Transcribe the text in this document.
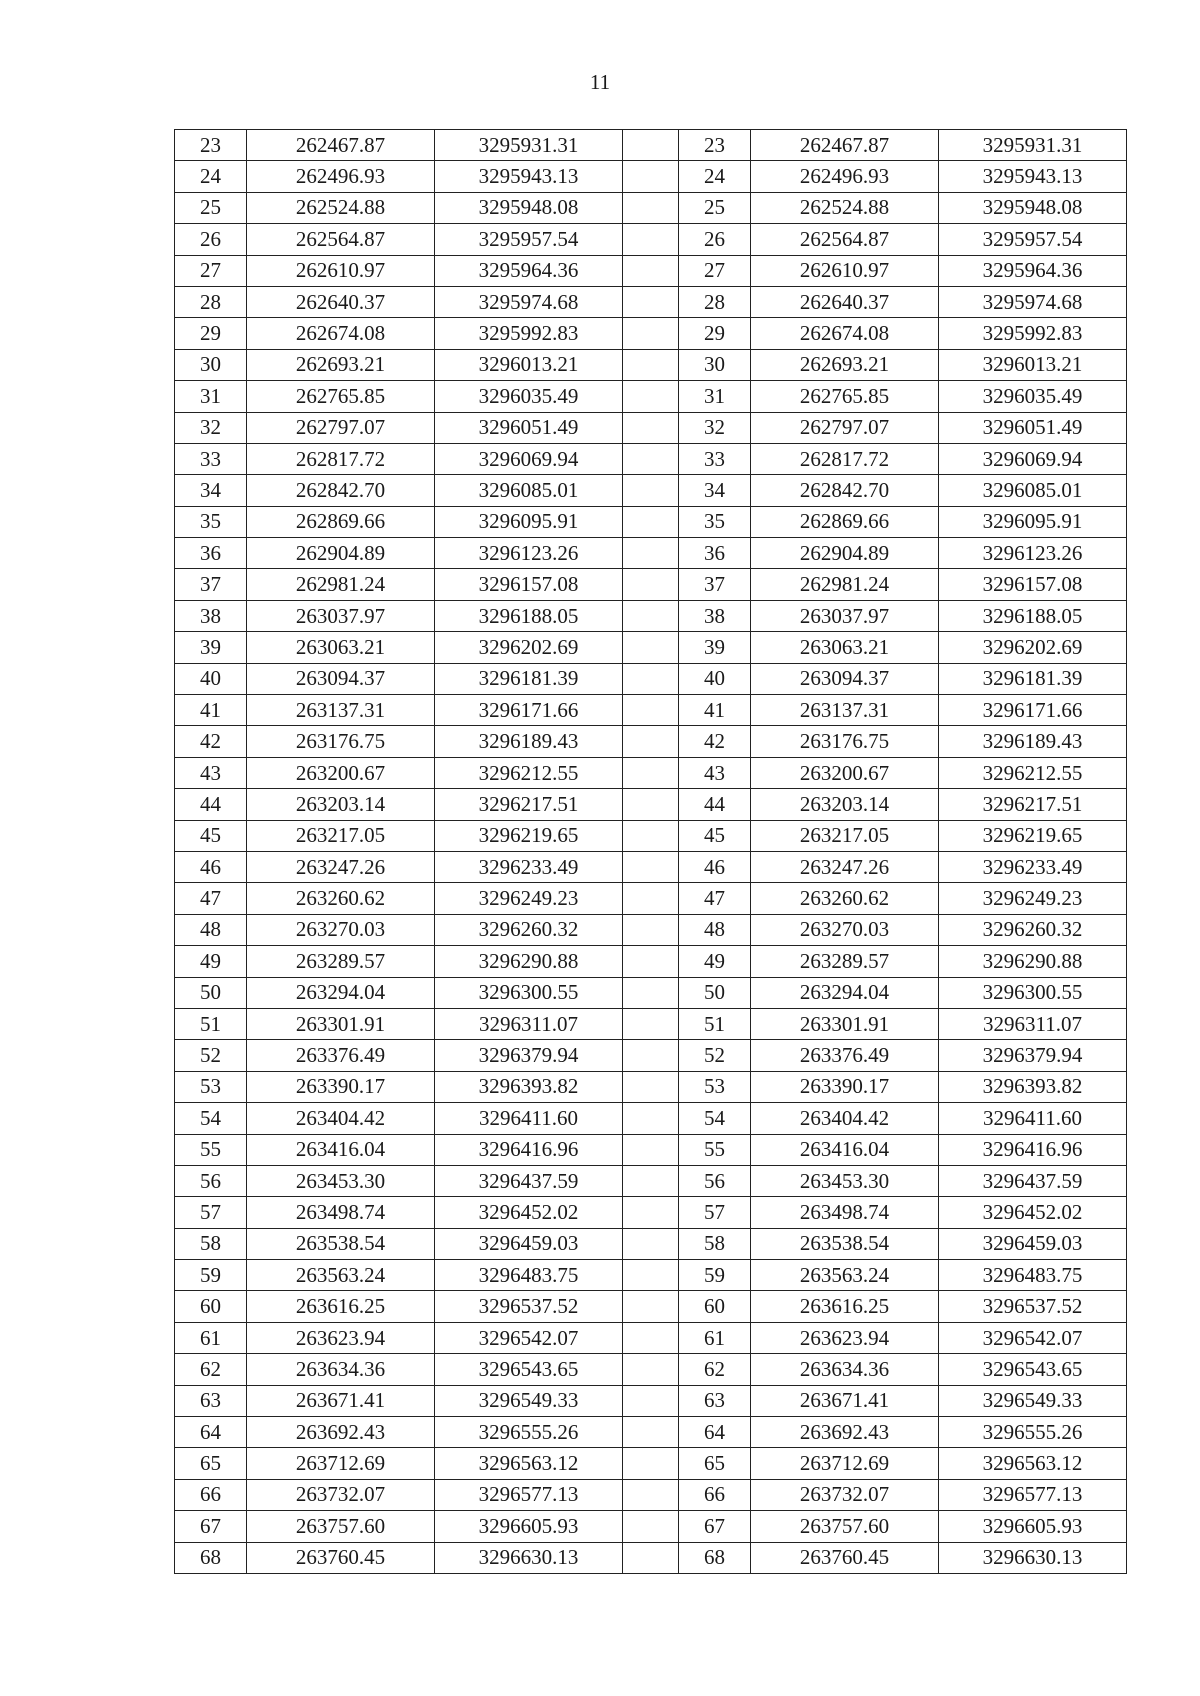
11
23	262467.87	3295931.31		23	262467.87	3295931.31
24	262496.93	3295943.13		24	262496.93	3295943.13
25	262524.88	3295948.08		25	262524.88	3295948.08
26	262564.87	3295957.54		26	262564.87	3295957.54
27	262610.97	3295964.36		27	262610.97	3295964.36
28	262640.37	3295974.68		28	262640.37	3295974.68
29	262674.08	3295992.83		29	262674.08	3295992.83
30	262693.21	3296013.21		30	262693.21	3296013.21
31	262765.85	3296035.49		31	262765.85	3296035.49
32	262797.07	3296051.49		32	262797.07	3296051.49
33	262817.72	3296069.94		33	262817.72	3296069.94
34	262842.70	3296085.01		34	262842.70	3296085.01
35	262869.66	3296095.91		35	262869.66	3296095.91
36	262904.89	3296123.26		36	262904.89	3296123.26
37	262981.24	3296157.08		37	262981.24	3296157.08
38	263037.97	3296188.05		38	263037.97	3296188.05
39	263063.21	3296202.69		39	263063.21	3296202.69
40	263094.37	3296181.39		40	263094.37	3296181.39
41	263137.31	3296171.66		41	263137.31	3296171.66
42	263176.75	3296189.43		42	263176.75	3296189.43
43	263200.67	3296212.55		43	263200.67	3296212.55
44	263203.14	3296217.51		44	263203.14	3296217.51
45	263217.05	3296219.65		45	263217.05	3296219.65
46	263247.26	3296233.49		46	263247.26	3296233.49
47	263260.62	3296249.23		47	263260.62	3296249.23
48	263270.03	3296260.32		48	263270.03	3296260.32
49	263289.57	3296290.88		49	263289.57	3296290.88
50	263294.04	3296300.55		50	263294.04	3296300.55
51	263301.91	3296311.07		51	263301.91	3296311.07
52	263376.49	3296379.94		52	263376.49	3296379.94
53	263390.17	3296393.82		53	263390.17	3296393.82
54	263404.42	3296411.60		54	263404.42	3296411.60
55	263416.04	3296416.96		55	263416.04	3296416.96
56	263453.30	3296437.59		56	263453.30	3296437.59
57	263498.74	3296452.02		57	263498.74	3296452.02
58	263538.54	3296459.03		58	263538.54	3296459.03
59	263563.24	3296483.75		59	263563.24	3296483.75
60	263616.25	3296537.52		60	263616.25	3296537.52
61	263623.94	3296542.07		61	263623.94	3296542.07
62	263634.36	3296543.65		62	263634.36	3296543.65
63	263671.41	3296549.33		63	263671.41	3296549.33
64	263692.43	3296555.26		64	263692.43	3296555.26
65	263712.69	3296563.12		65	263712.69	3296563.12
66	263732.07	3296577.13		66	263732.07	3296577.13
67	263757.60	3296605.93		67	263757.60	3296605.93
68	263760.45	3296630.13		68	263760.45	3296630.13
